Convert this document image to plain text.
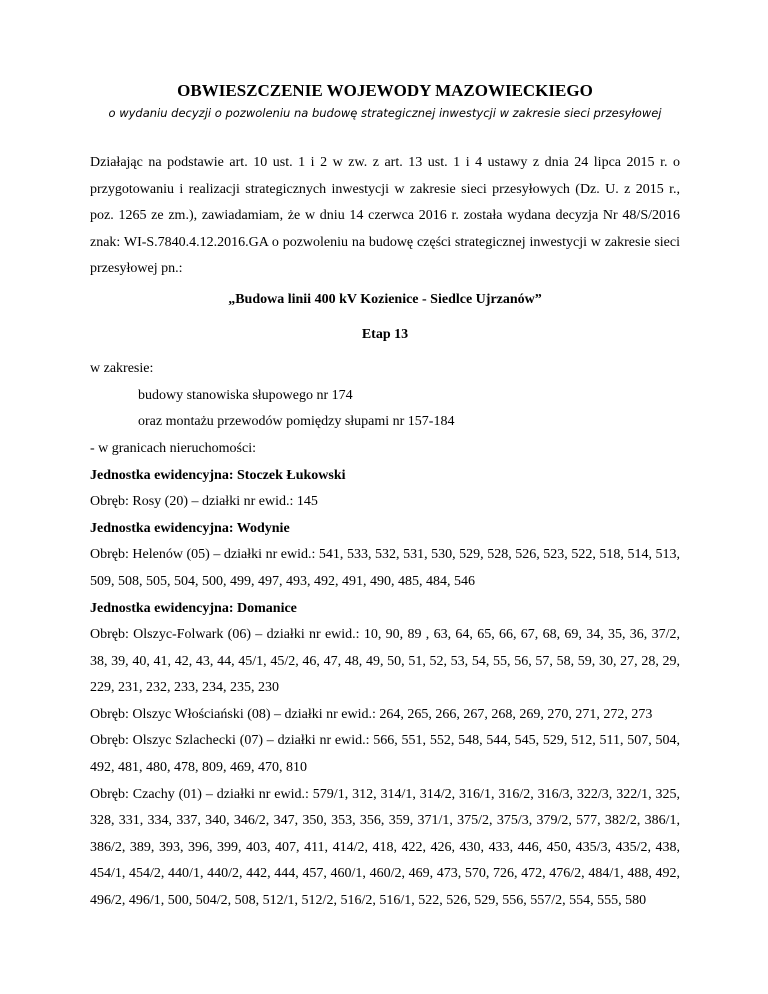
OBWIESZCZENIE WOJEWODY MAZOWIECKIEGO

o wydaniu decyzji o pozwoleniu na budowę strategicznej inwestycji w zakresie sieci przesyłowej

Działając na podstawie art. 10 ust. 1 i 2 w zw. z art. 13 ust. 1 i 4 ustawy z dnia 24 lipca 2015 r. o przygotowaniu i realizacji strategicznych inwestycji w zakresie sieci przesyłowych (Dz. U. z 2015 r., poz. 1265 ze zm.), zawiadamiam, że w dniu 14 czerwca 2016 r. została wydana decyzja Nr 48/S/2016 znak: WI-S.7840.4.12.2016.GA o pozwoleniu na budowę części strategicznej inwestycji w zakresie sieci przesyłowej pn.:

„Budowa linii 400 kV Kozienice - Siedlce Ujrzanów”

Etap 13

w zakresie:

budowy stanowiska słupowego nr 174

oraz montażu przewodów pomiędzy słupami nr 157-184

- w granicach nieruchomości:

Jednostka ewidencyjna: Stoczek Łukowski

Obręb: Rosy (20) – działki nr ewid.: 145

Jednostka ewidencyjna: Wodynie

Obręb: Helenów (05) – działki nr ewid.: 541, 533, 532, 531, 530, 529, 528, 526, 523, 522, 518, 514, 513, 509, 508, 505, 504, 500, 499, 497, 493, 492, 491, 490, 485, 484, 546

Jednostka ewidencyjna: Domanice

Obręb: Olszyc-Folwark (06) – działki nr ewid.: 10, 90, 89 , 63, 64, 65, 66, 67, 68, 69, 34, 35, 36, 37/2, 38, 39, 40, 41, 42, 43, 44, 45/1, 45/2, 46, 47, 48, 49, 50, 51, 52, 53, 54, 55, 56, 57, 58, 59, 30, 27, 28, 29, 229, 231, 232, 233, 234, 235, 230

Obręb: Olszyc Włościański (08) – działki nr ewid.: 264, 265, 266, 267, 268, 269, 270, 271, 272, 273

Obręb: Olszyc Szlachecki (07) – działki nr ewid.: 566, 551, 552, 548, 544, 545, 529, 512, 511, 507, 504, 492, 481, 480, 478, 809, 469, 470, 810

Obręb: Czachy (01) – działki nr ewid.: 579/1, 312, 314/1, 314/2, 316/1, 316/2, 316/3, 322/3, 322/1, 325, 328, 331, 334, 337, 340, 346/2, 347, 350, 353, 356, 359, 371/1, 375/2, 375/3, 379/2, 577, 382/2, 386/1, 386/2, 389, 393, 396, 399, 403, 407, 411, 414/2, 418, 422, 426, 430, 433, 446, 450, 435/3, 435/2, 438, 454/1, 454/2, 440/1, 440/2, 442, 444, 457, 460/1, 460/2, 469, 473, 570, 726, 472, 476/2, 484/1, 488, 492, 496/2, 496/1, 500, 504/2, 508, 512/1, 512/2, 516/2, 516/1, 522, 526, 529, 556, 557/2, 554, 555, 580
